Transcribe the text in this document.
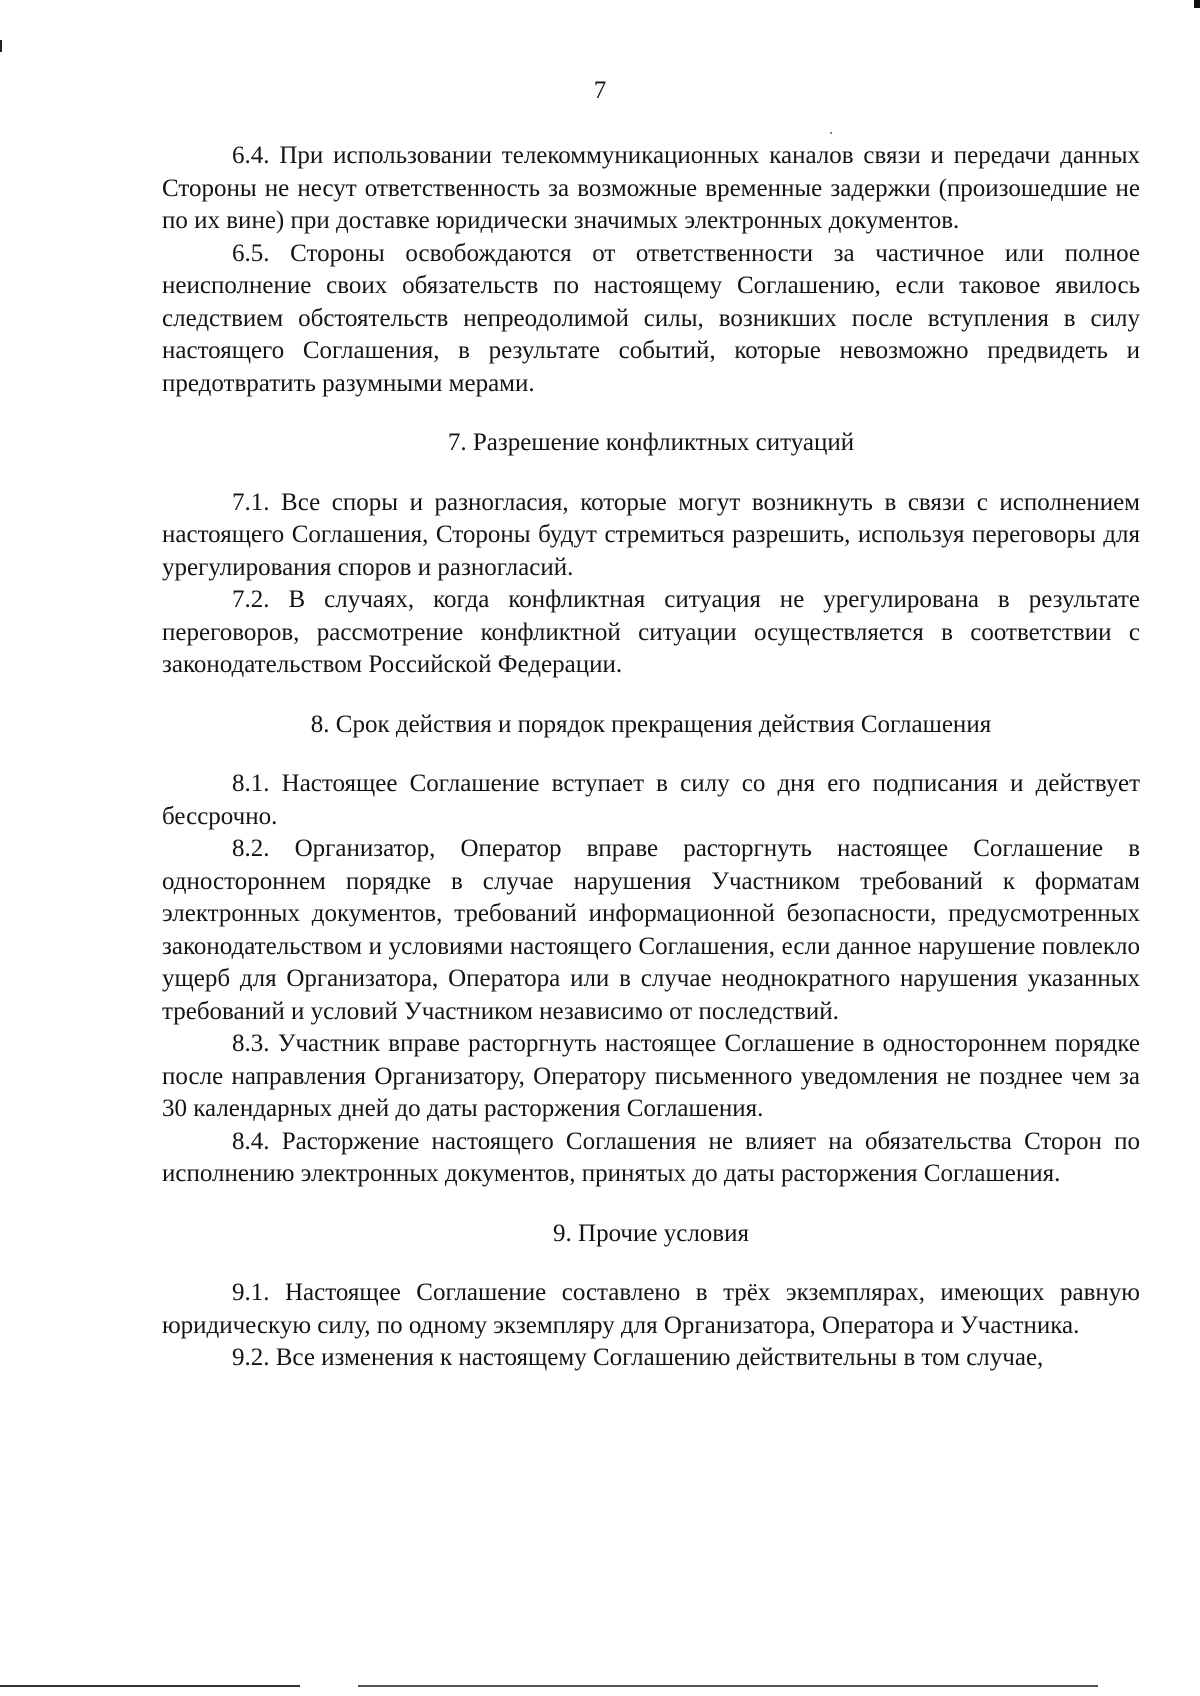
7

6.4. При использовании телекоммуникационных каналов связи и передачи данных Стороны не несут ответственность за возможные временные задержки (произошедшие не по их вине) при доставке юридически значимых электронных документов.

6.5. Стороны освобождаются от ответственности за частичное или полное неисполнение своих обязательств по настоящему Соглашению, если таковое явилось следствием обстоятельств непреодолимой силы, возникших после вступления в силу настоящего Соглашения, в результате событий, которые невозможно предвидеть и предотвратить разумными мерами.

7. Разрешение конфликтных ситуаций

7.1. Все споры и разногласия, которые могут возникнуть в связи с исполнением настоящего Соглашения, Стороны будут стремиться разрешить, используя переговоры для урегулирования споров и разногласий.

7.2. В случаях, когда конфликтная ситуация не урегулирована в результате переговоров, рассмотрение конфликтной ситуации осуществляется в соответствии с законодательством Российской Федерации.

8. Срок действия и порядок прекращения действия Соглашения

8.1. Настоящее Соглашение вступает в силу со дня его подписания и действует бессрочно.

8.2. Организатор, Оператор вправе расторгнуть настоящее Соглашение в одностороннем порядке в случае нарушения Участником требований к форматам электронных документов, требований информационной безопасности, предусмотренных законодательством и условиями настоящего Соглашения, если данное нарушение повлекло ущерб для Организатора, Оператора или в случае неоднократного нарушения указанных требований и условий Участником независимо от последствий.

8.3. Участник вправе расторгнуть настоящее Соглашение в одностороннем порядке после направления Организатору, Оператору письменного уведомления не позднее чем за 30 календарных дней до даты расторжения Соглашения.

8.4. Расторжение настоящего Соглашения не влияет на обязательства Сторон по исполнению электронных документов, принятых до даты расторжения Соглашения.

9. Прочие условия

9.1. Настоящее Соглашение составлено в трёх экземплярах, имеющих равную юридическую силу, по одному экземпляру для Организатора, Оператора и Участника.

9.2. Все изменения к настоящему Соглашению действительны в том случае,
